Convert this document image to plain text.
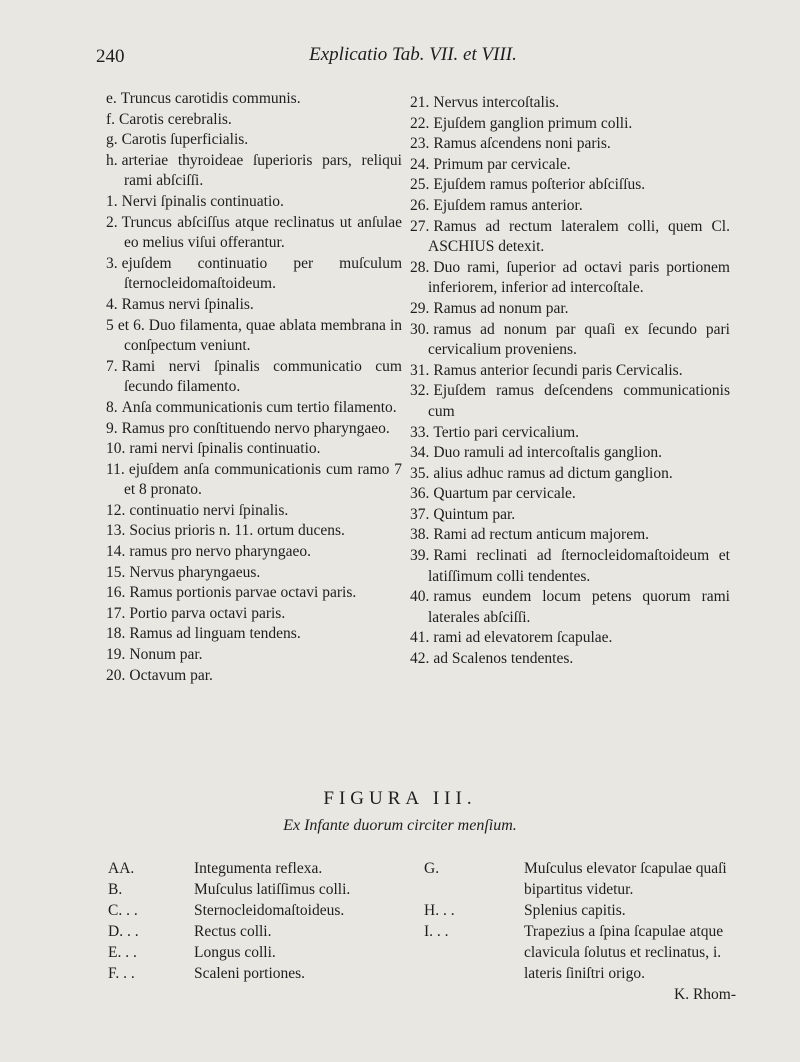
240	Explicatio Tab. VII. et VIII.
e. Truncus carotidis communis.
f. Carotis cerebralis.
g. Carotis ſuperficialis.
h. arteriae thyroideae ſuperioris pars, reliqui rami abſciſſi.
1. Nervi ſpinalis continuatio.
2. Truncus abſciſſus atque reclinatus ut anſulae eo melius viſui offerantur.
3. ejuſdem continuatio per muſculum ſternocleidomaſtoideum.
4. Ramus nervi ſpinalis.
5 et 6. Duo filamenta, quae ablata membrana in conſpectum veniunt.
7. Rami nervi ſpinalis communicatio cum ſecundo filamento.
8. Anſa communicationis cum tertio filamento.
9. Ramus pro conſtituendo nervo pharyngaeo.
10. rami nervi ſpinalis continuatio.
11. ejuſdem anſa communicationis cum ramo 7 et 8 pronato.
12. continuatio nervi ſpinalis.
13. Socius prioris n. 11. ortum ducens.
14. ramus pro nervo pharyngaeo.
15. Nervus pharyngaeus.
16. Ramus portionis parvae octavi paris.
17. Portio parva octavi paris.
18. Ramus ad linguam tendens.
19. Nonum par.
20. Octavum par.
21. Nervus intercoſtalis.
22. Ejuſdem ganglion primum colli.
23. Ramus aſcendens noni paris.
24. Primum par cervicale.
25. Ejuſdem ramus poſterior abſciſſus.
26. Ejuſdem ramus anterior.
27. Ramus ad rectum lateralem colli, quem Cl. ASCHIUS detexit.
28. Duo rami, ſuperior ad octavi paris portionem inferiorem, inferior ad intercoſtale.
29. Ramus ad nonum par.
30. ramus ad nonum par quaſi ex ſecundo pari cervicalium proveniens.
31. Ramus anterior ſecundi paris Cervicalis.
32. Ejuſdem ramus deſcendens communicationis cum
33. Tertio pari cervicalium.
34. Duo ramuli ad intercoſtalis ganglion.
35. alius adhuc ramus ad dictum ganglion.
36. Quartum par cervicale.
37. Quintum par.
38. Rami ad rectum anticum majorem.
39. Rami reclinati ad ſternocleidomaſtoideum et latiſſimum colli tendentes.
40. ramus eundem locum petens quorum rami laterales abſciſſi.
41. rami ad elevatorem ſcapulae.
42. ad Scalenos tendentes.
FIGURA III.
Ex Infante duorum circiter menſium.
AA.	Integumenta reflexa.
B.	Muſculus latiſſimus colli.
C. . .	Sternocleidomaſtoideus.
D. . .	Rectus colli.
E. . .	Longus colli.
F. . .	Scaleni portiones.
G.	Muſculus elevator ſcapulae quaſi bipartitus videtur.
H. . .	Splenius capitis.
I. . .	Trapezius a ſpina ſcapulae atque clavicula ſolutus et reclinatus, i. lateris ſiniſtri origo.
K. Rhom-
